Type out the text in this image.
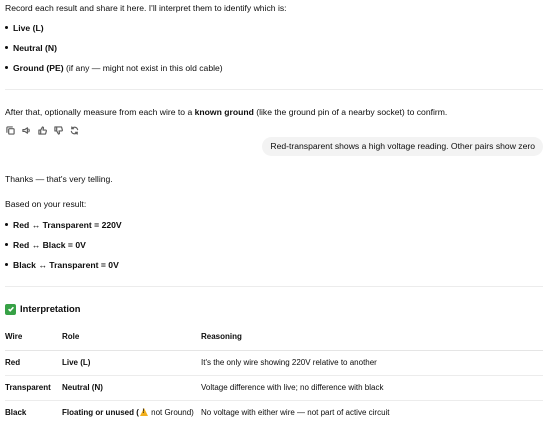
Record each result and share it here. I'll interpret them to identify which is:
Live (L)
Neutral (N)
Ground (PE) (if any — might not exist in this old cable)
After that, optionally measure from each wire to a known ground (like the ground pin of a nearby socket) to confirm.
Red-transparent shows a high voltage reading. Other pairs show zero
Thanks — that's very telling.
Based on your result:
Red ↔ Transparent = 220V
Red ↔ Black = 0V
Black ↔ Transparent = 0V
Interpretation
Wire	Role	Reasoning
Red	Live (L)	It's the only wire showing 220V relative to another
Transparent	Neutral (N)	Voltage difference with live; no difference with black
Black	Floating or unused (! not Ground)	No voltage with either wire — not part of active circuit
